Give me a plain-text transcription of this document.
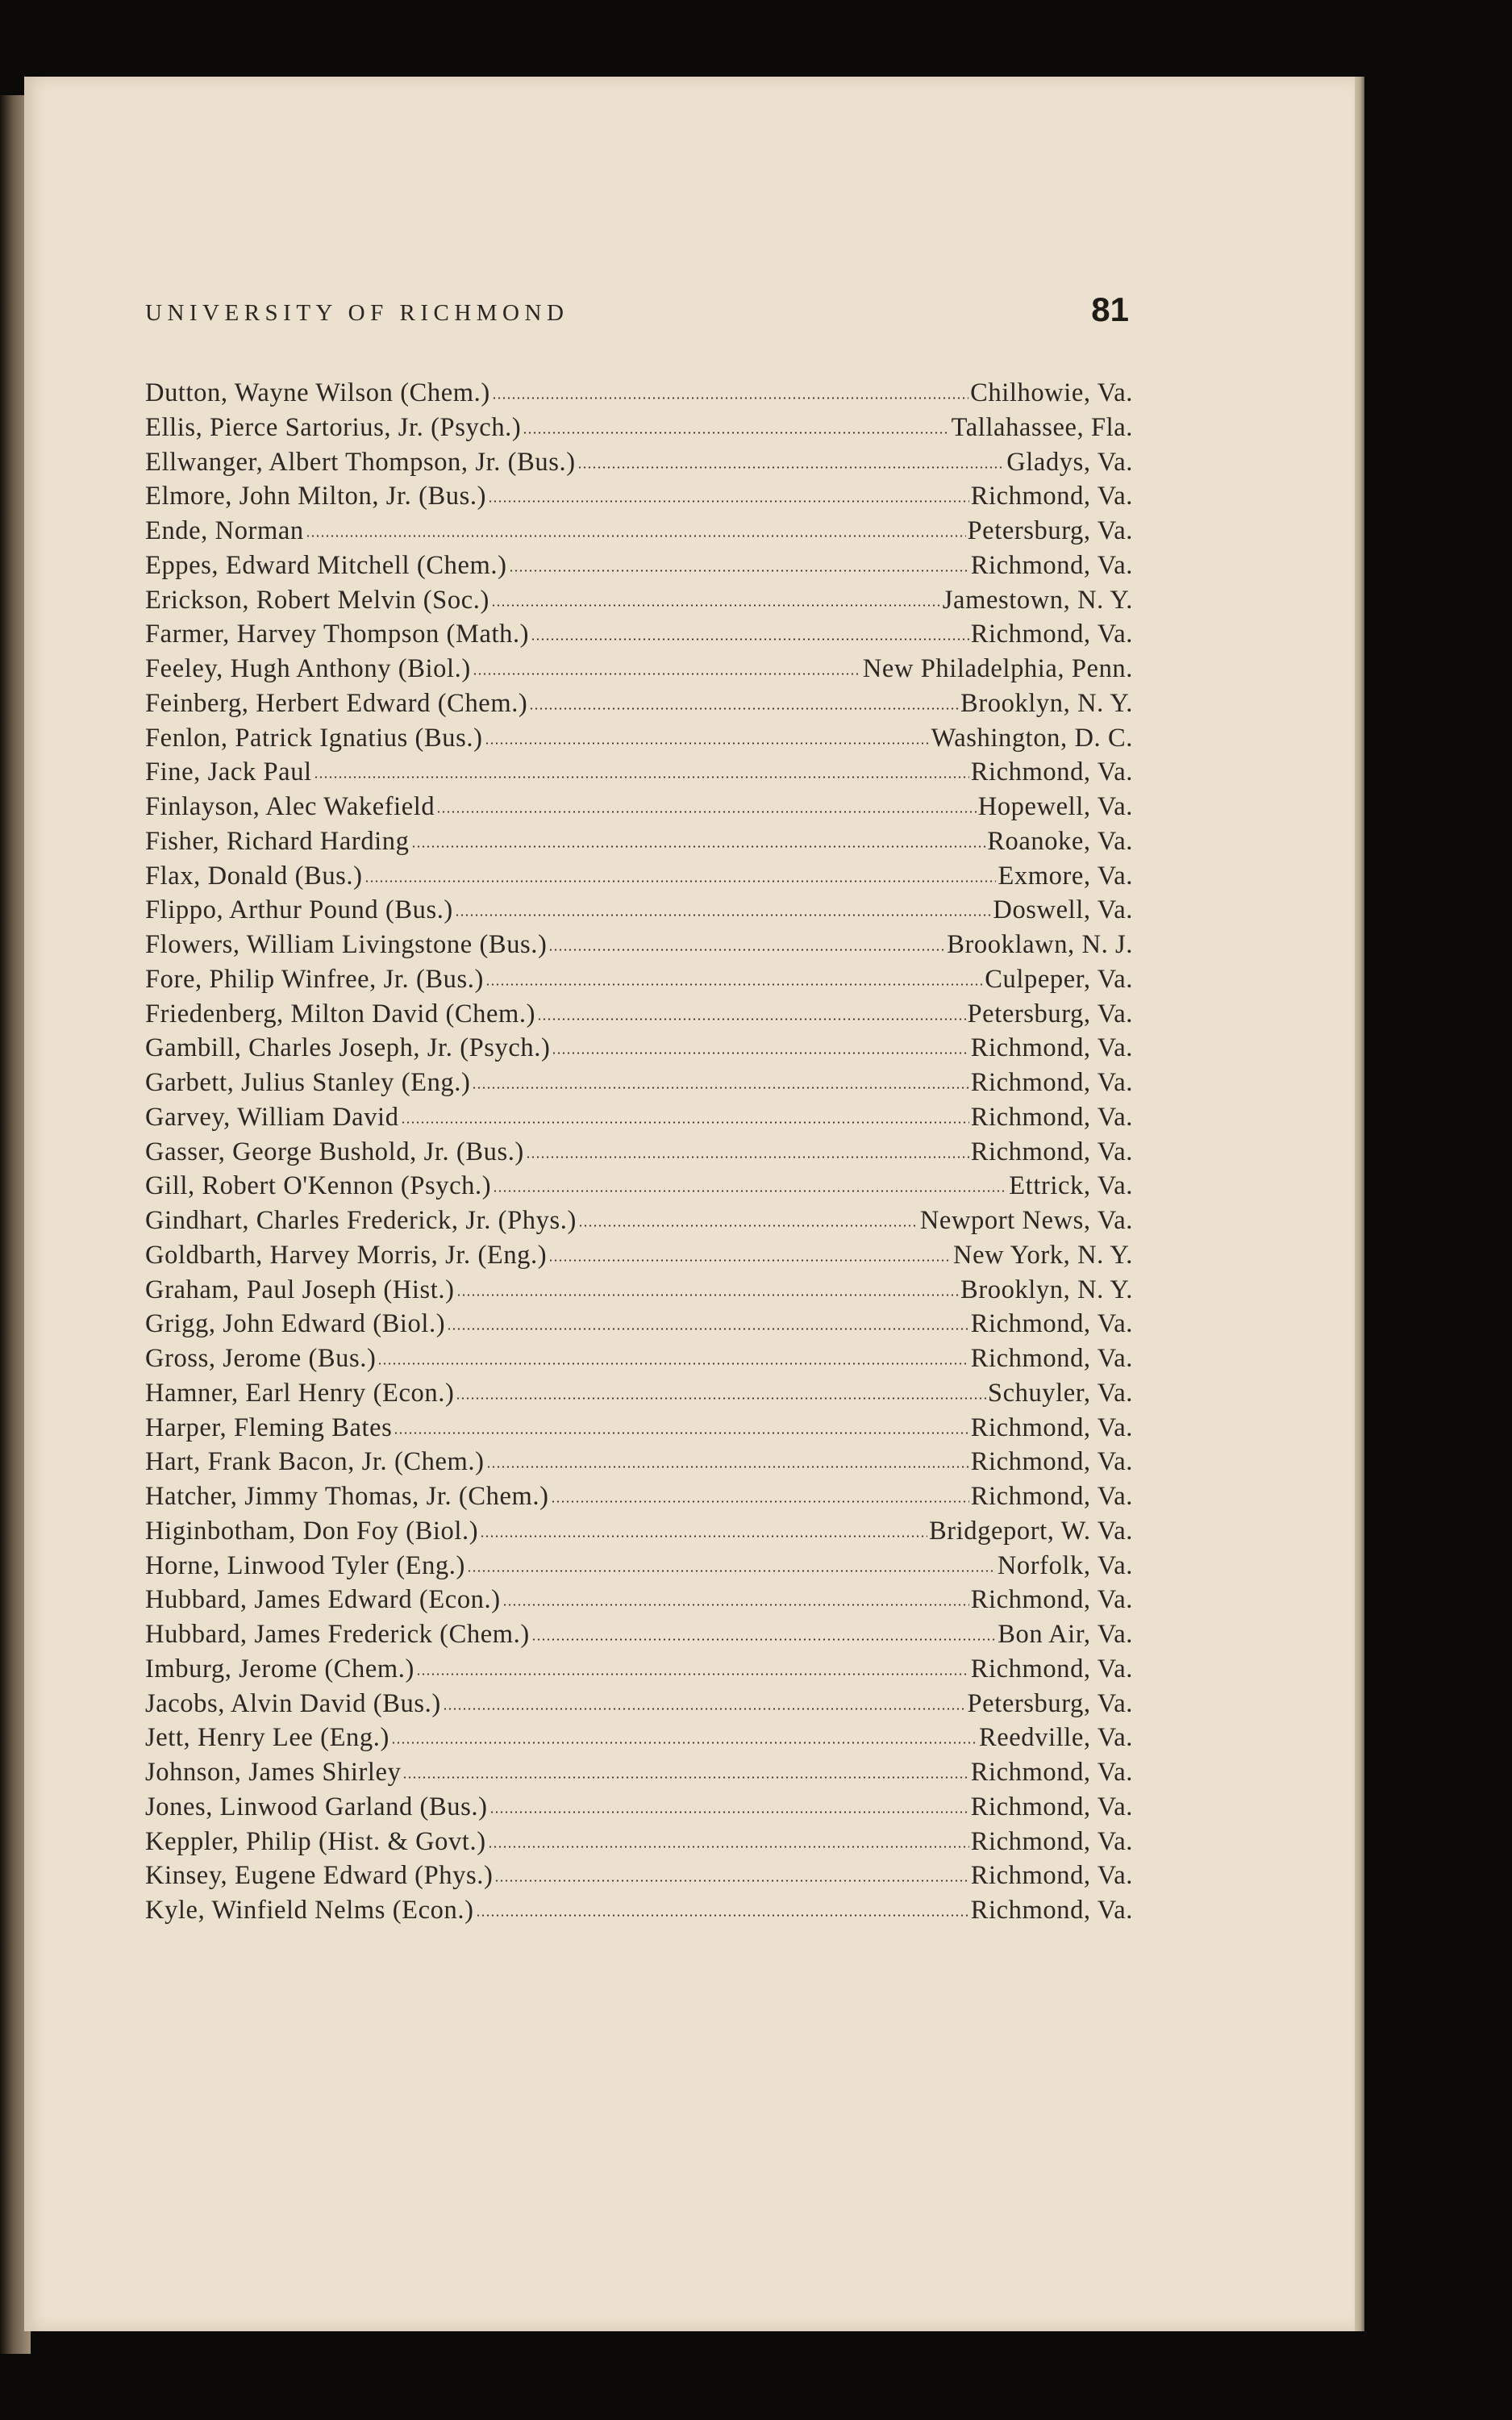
UNIVERSITY OF RICHMOND	81
Dutton, Wayne Wilson (Chem.)	Chilhowie, Va.
Ellis, Pierce Sartorius, Jr. (Psych.)	Tallahassee, Fla.
Ellwanger, Albert Thompson, Jr. (Bus.)	Gladys, Va.
Elmore, John Milton, Jr. (Bus.)	Richmond, Va.
Ende, Norman	Petersburg, Va.
Eppes, Edward Mitchell (Chem.)	Richmond, Va.
Erickson, Robert Melvin (Soc.)	Jamestown, N. Y.
Farmer, Harvey Thompson (Math.)	Richmond, Va.
Feeley, Hugh Anthony (Biol.)	New Philadelphia, Penn.
Feinberg, Herbert Edward (Chem.)	Brooklyn, N. Y.
Fenlon, Patrick Ignatius (Bus.)	Washington, D. C.
Fine, Jack Paul	Richmond, Va.
Finlayson, Alec Wakefield	Hopewell, Va.
Fisher, Richard Harding	Roanoke, Va.
Flax, Donald (Bus.)	Exmore, Va.
Flippo, Arthur Pound (Bus.)	Doswell, Va.
Flowers, William Livingstone (Bus.)	Brooklawn, N. J.
Fore, Philip Winfree, Jr. (Bus.)	Culpeper, Va.
Friedenberg, Milton David (Chem.)	Petersburg, Va.
Gambill, Charles Joseph, Jr. (Psych.)	Richmond, Va.
Garbett, Julius Stanley (Eng.)	Richmond, Va.
Garvey, William David	Richmond, Va.
Gasser, George Bushold, Jr. (Bus.)	Richmond, Va.
Gill, Robert O'Kennon (Psych.)	Ettrick, Va.
Gindhart, Charles Frederick, Jr. (Phys.)	Newport News, Va.
Goldbarth, Harvey Morris, Jr. (Eng.)	New York, N. Y.
Graham, Paul Joseph (Hist.)	Brooklyn, N. Y.
Grigg, John Edward (Biol.)	Richmond, Va.
Gross, Jerome (Bus.)	Richmond, Va.
Hamner, Earl Henry (Econ.)	Schuyler, Va.
Harper, Fleming Bates	Richmond, Va.
Hart, Frank Bacon, Jr. (Chem.)	Richmond, Va.
Hatcher, Jimmy Thomas, Jr. (Chem.)	Richmond, Va.
Higinbotham, Don Foy (Biol.)	Bridgeport, W. Va.
Horne, Linwood Tyler (Eng.)	Norfolk, Va.
Hubbard, James Edward (Econ.)	Richmond, Va.
Hubbard, James Frederick (Chem.)	Bon Air, Va.
Imburg, Jerome (Chem.)	Richmond, Va.
Jacobs, Alvin David (Bus.)	Petersburg, Va.
Jett, Henry Lee (Eng.)	Reedville, Va.
Johnson, James Shirley	Richmond, Va.
Jones, Linwood Garland (Bus.)	Richmond, Va.
Keppler, Philip (Hist. & Govt.)	Richmond, Va.
Kinsey, Eugene Edward (Phys.)	Richmond, Va.
Kyle, Winfield Nelms (Econ.)	Richmond, Va.
